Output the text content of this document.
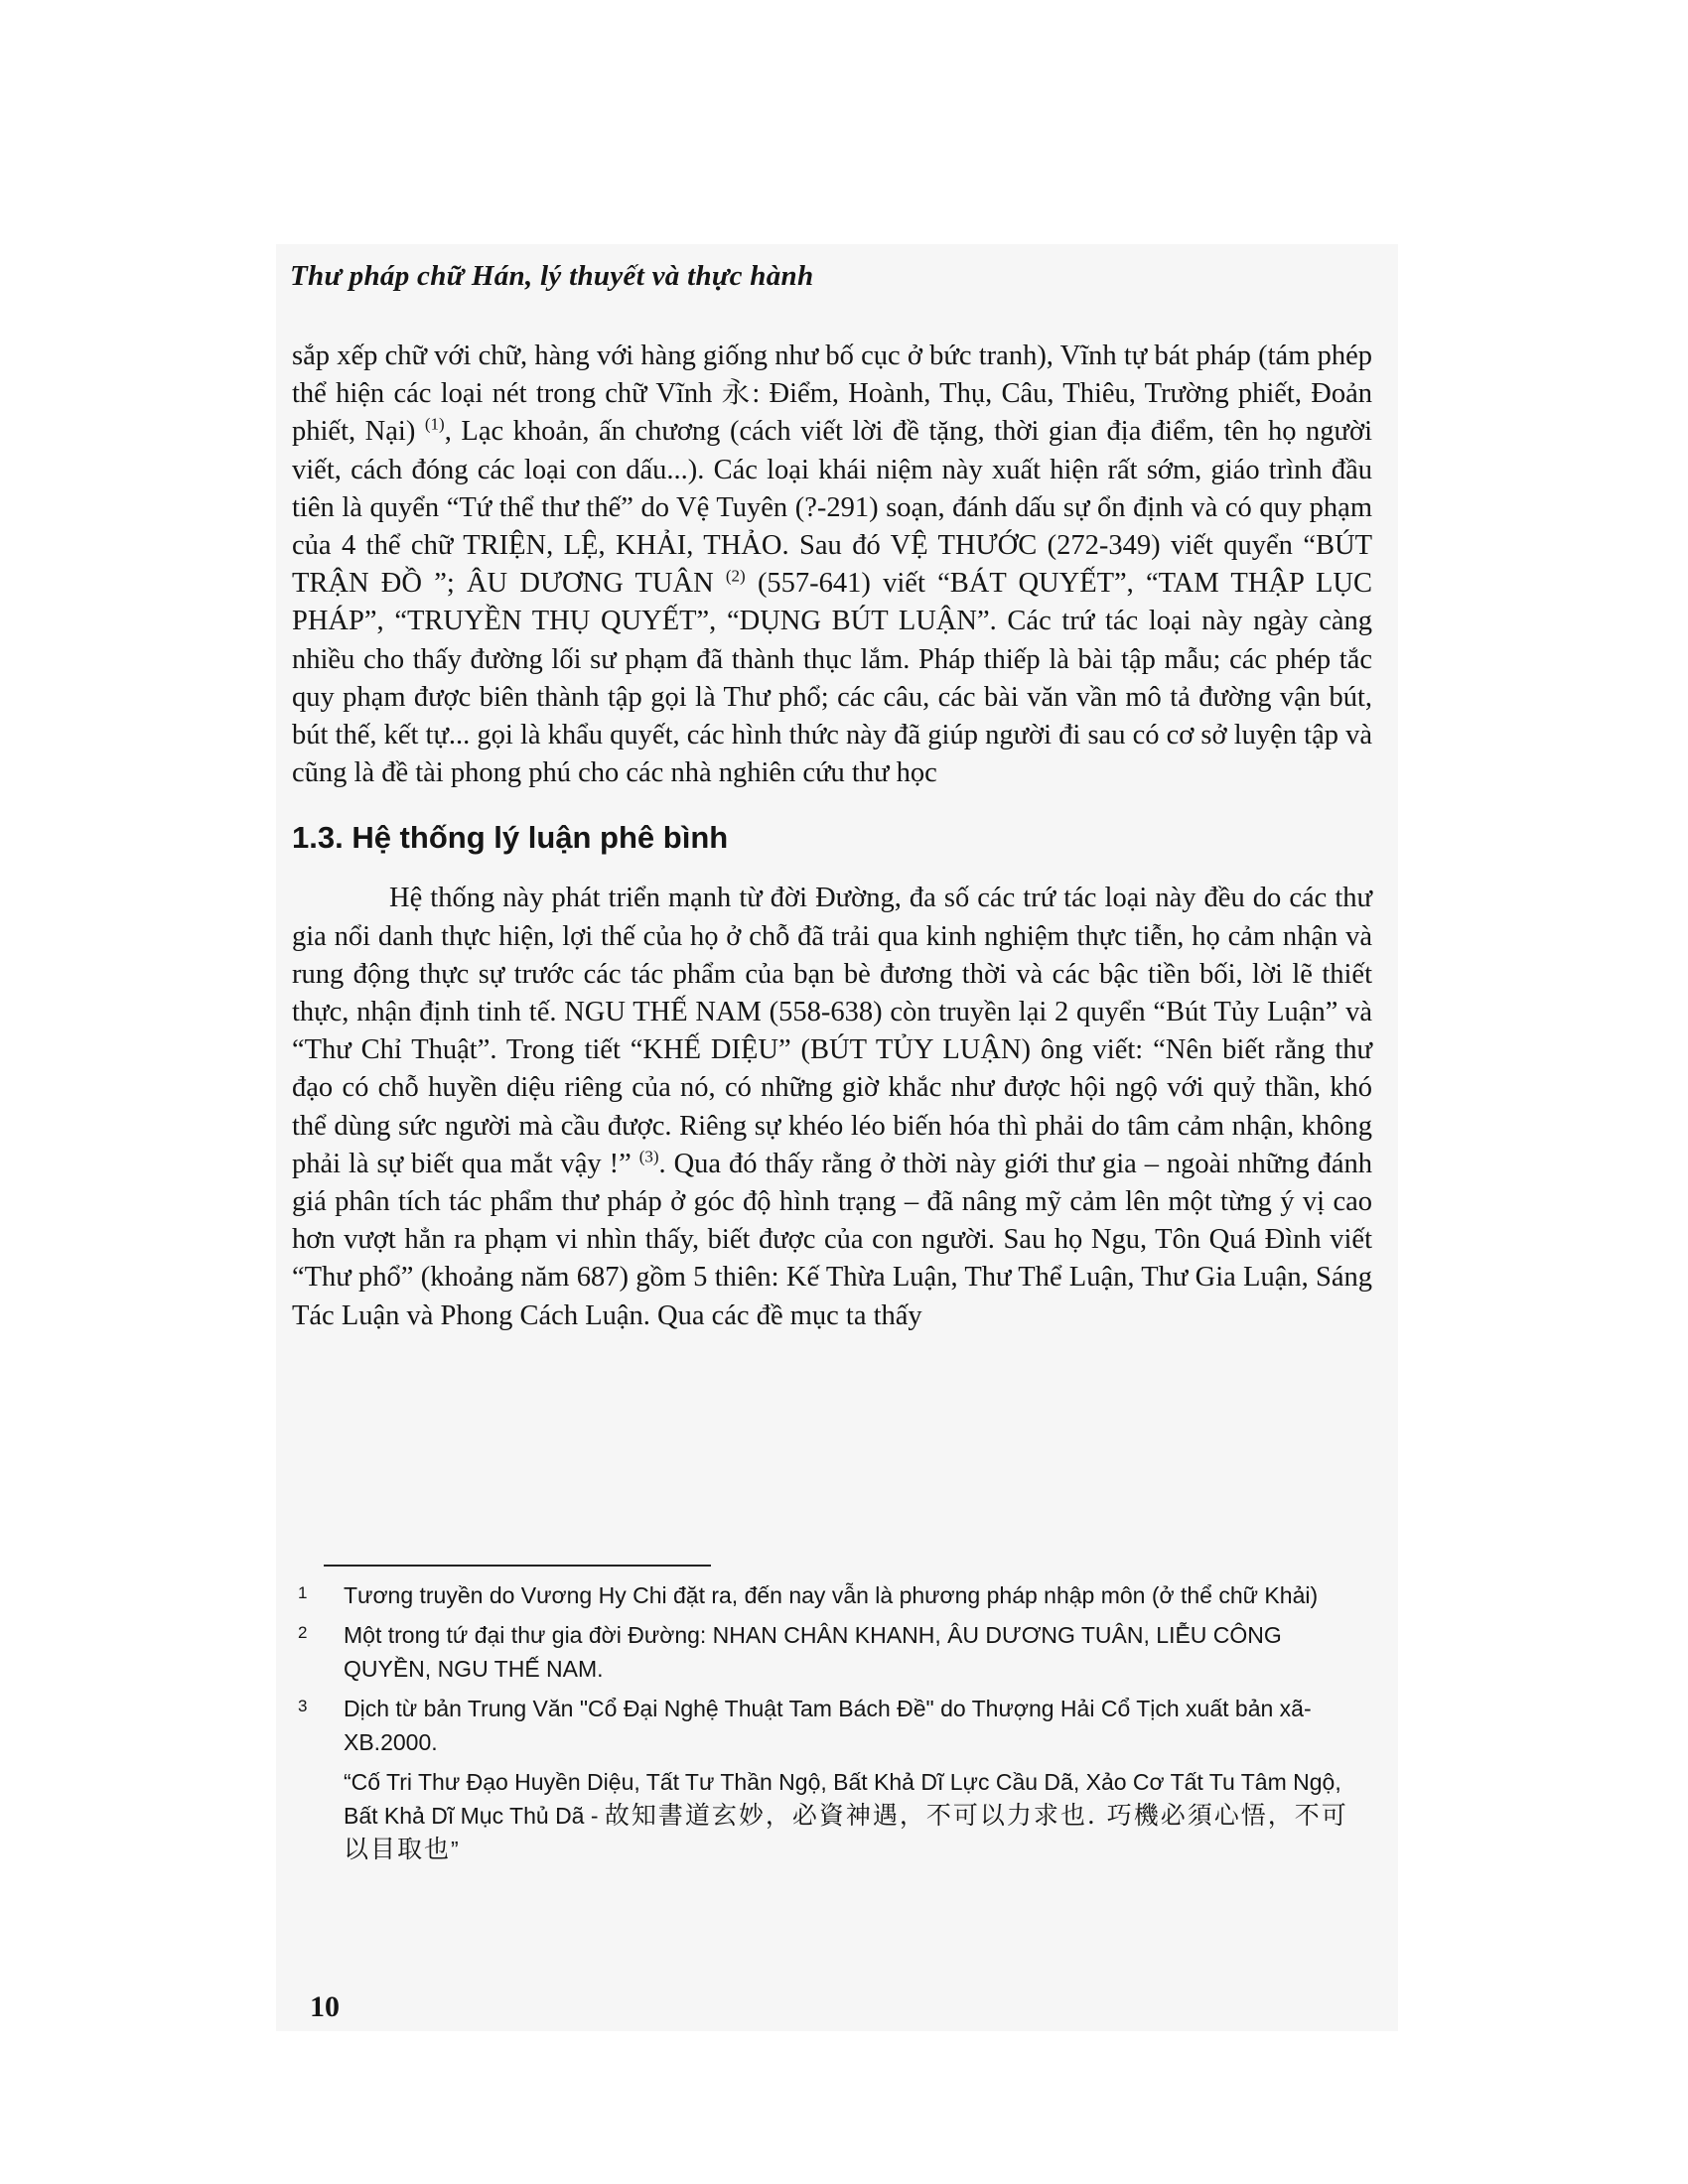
Thư pháp chữ Hán, lý thuyết và thực hành

sắp xếp chữ với chữ, hàng với hàng giống như bố cục ở bức tranh), Vĩnh tự bát pháp (tám phép thể hiện các loại nét trong chữ Vĩnh 永: Điểm, Hoành, Thụ, Câu, Thiêu, Trường phiết, Đoản phiết, Nại) $^{(1)}$, Lạc khoản, ấn chương (cách viết lời đề tặng, thời gian địa điểm, tên họ người viết, cách đóng các loại con dấu...). Các loại khái niệm này xuất hiện rất sớm, giáo trình đầu tiên là quyển “Tứ thể thư thế” do Vệ Tuyên (?-291) soạn, đánh dấu sự ổn định và có quy phạm của 4 thể chữ TRIỆN, LỆ, KHẢI, THẢO. Sau đó VỆ THƯỚC (272-349) viết quyển “BÚT TRẬN ĐỒ ”; ÂU DƯƠNG TUÂN $^{(2)}$ (557-641) viết “BÁT QUYẾT”, “TAM THẬP LỤC PHÁP”, “TRUYỀN THỤ QUYẾT”, “DỤNG BÚT LUẬN”. Các trứ tác loại này ngày càng nhiều cho thấy đường lối sư phạm đã thành thục lắm. Pháp thiếp là bài tập mẫu; các phép tắc quy phạm được biên thành tập gọi là Thư phổ; các câu, các bài văn vần mô tả đường vận bút, bút thế, kết tự... gọi là khẩu quyết, các hình thức này đã giúp người đi sau có cơ sở luyện tập và cũng là đề tài phong phú cho các nhà nghiên cứu thư học

1.3. Hệ thống lý luận phê bình

Hệ thống này phát triển mạnh từ đời Đường, đa số các trứ tác loại này đều do các thư gia nổi danh thực hiện, lợi thế của họ ở chỗ đã trải qua kinh nghiệm thực tiễn, họ cảm nhận và rung động thực sự trước các tác phẩm của bạn bè đương thời và các bậc tiền bối, lời lẽ thiết thực, nhận định tinh tế. NGU THẾ NAM (558-638) còn truyền lại 2 quyển “Bút Tủy Luận” và “Thư Chỉ Thuật”. Trong tiết “KHẾ DIỆU” (BÚT TỦY LUẬN) ông viết: “Nên biết rằng thư đạo có chỗ huyền diệu riêng của nó, có những giờ khắc như được hội ngộ với quỷ thần, khó thể dùng sức người mà cầu được. Riêng sự khéo léo biến hóa thì phải do tâm cảm nhận, không phải là sự biết qua mắt vậy !” $^{(3)}$. Qua đó thấy rằng ở thời này giới thư gia – ngoài những đánh giá phân tích tác phẩm thư pháp ở góc độ hình trạng – đã nâng mỹ cảm lên một từng ý vị cao hơn vượt hẳn ra phạm vi nhìn thấy, biết được của con người. Sau họ Ngu, Tôn Quá Đình viết “Thư phổ” (khoảng năm 687) gồm 5 thiên: Kế Thừa Luận, Thư Thể Luận, Thư Gia Luận, Sáng Tác Luận và Phong Cách Luận. Qua các đề mục ta thấy

1	Tương truyền do Vương Hy Chi đặt ra, đến nay vẫn là phương pháp nhập môn (ở thể chữ Khải)
2	Một trong tứ đại thư gia đời Đường: NHAN CHÂN KHANH, ÂU DƯƠNG TUÂN, LIỄU CÔNG QUYỀN, NGU THẾ NAM.
3	Dịch từ bản Trung Văn "Cổ Đại Nghệ Thuật Tam Bách Đề" do Thượng Hải Cổ Tịch xuất bản xã-XB.2000.
“Cố Tri Thư Đạo Huyền Diệu, Tất Tư Thần Ngộ, Bất Khả Dĩ Lực Cầu Dã, Xảo Cơ Tất Tu Tâm Ngộ, Bất Khả Dĩ Mục Thủ Dã - 故知書道玄妙，必資神遇，不可以力求也. 巧機必須心悟，不可以目取也”
10
